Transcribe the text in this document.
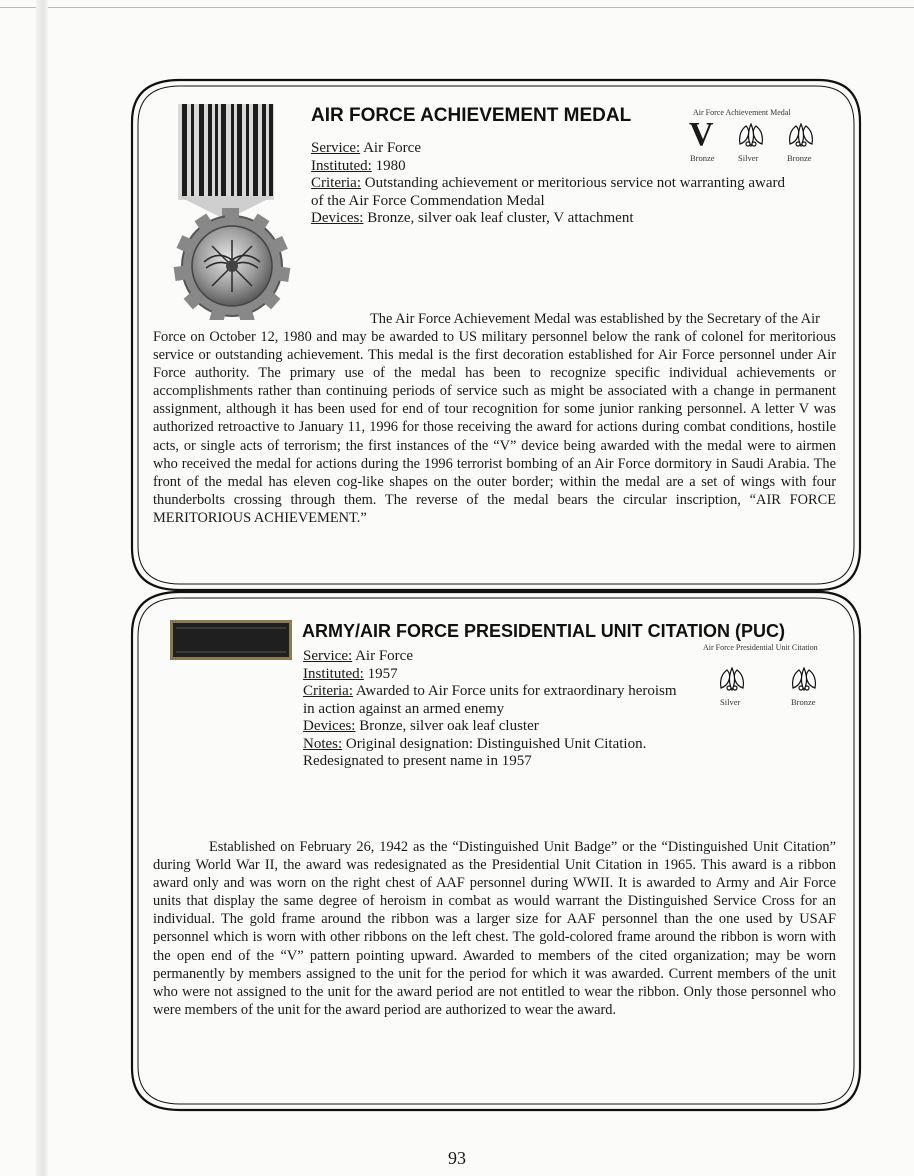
AIR FORCE ACHIEVEMENT MEDAL
Service: Air Force
Instituted: 1980
Criteria: Outstanding achievement or meritorious service not warranting award
of the Air Force Commendation Medal
Devices: Bronze, silver oak leaf cluster, V attachment
Air Force Achievement Medal
V
Bronze	Silver	Bronze
The Air Force Achievement Medal was established by the Secretary of the Air
Force on October 12, 1980 and may be awarded to US military personnel below the rank of colonel for meritorious service or outstanding achievement. This medal is the first decoration established for Air Force personnel under Air Force authority. The primary use of the medal has been to recognize specific individual achievements or accomplishments rather than continuing periods of service such as might be associated with a change in permanent assignment, although it has been used for end of tour recognition for some junior ranking personnel. A letter V was authorized retroactive to January 11, 1996 for those receiving the award for actions during combat conditions, hostile acts, or single acts of terrorism; the first instances of the “V” device being awarded with the medal were to airmen who received the medal for actions during the 1996 terrorist bombing of an Air Force dormitory in Saudi Arabia. The front of the medal has eleven cog-like shapes on the outer border; within the medal are a set of wings with four thunderbolts crossing through them. The reverse of the medal bears the circular inscription, “AIR FORCE MERITORIOUS ACHIEVEMENT.”
ARMY/AIR FORCE PRESIDENTIAL UNIT CITATION (PUC)
Service: Air Force
Instituted: 1957
Criteria: Awarded to Air Force units for extraordinary heroism
in action against an armed enemy
Devices: Bronze, silver oak leaf cluster
Notes: Original designation: Distinguished Unit Citation.
Redesignated to present name in 1957
Air Force Presidential Unit Citation
Silver	Bronze
Established on February 26, 1942 as the “Distinguished Unit Badge” or the “Distinguished Unit Citation” during World War II, the award was redesignated as the Presidential Unit Citation in 1965. This award is a ribbon award only and was worn on the right chest of AAF personnel during WWII. It is awarded to Army and Air Force units that display the same degree of heroism in combat as would warrant the Distinguished Service Cross for an individual. The gold frame around the ribbon was a larger size for AAF personnel than the one used by USAF personnel which is worn with other ribbons on the left chest. The gold-colored frame around the ribbon is worn with the open end of the “V” pattern pointing upward. Awarded to members of the cited organization; may be worn permanently by members assigned to the unit for the period for which it was awarded. Current members of the unit who were not assigned to the unit for the award period are not entitled to wear the ribbon. Only those personnel who were members of the unit for the award period are authorized to wear the award.
93
